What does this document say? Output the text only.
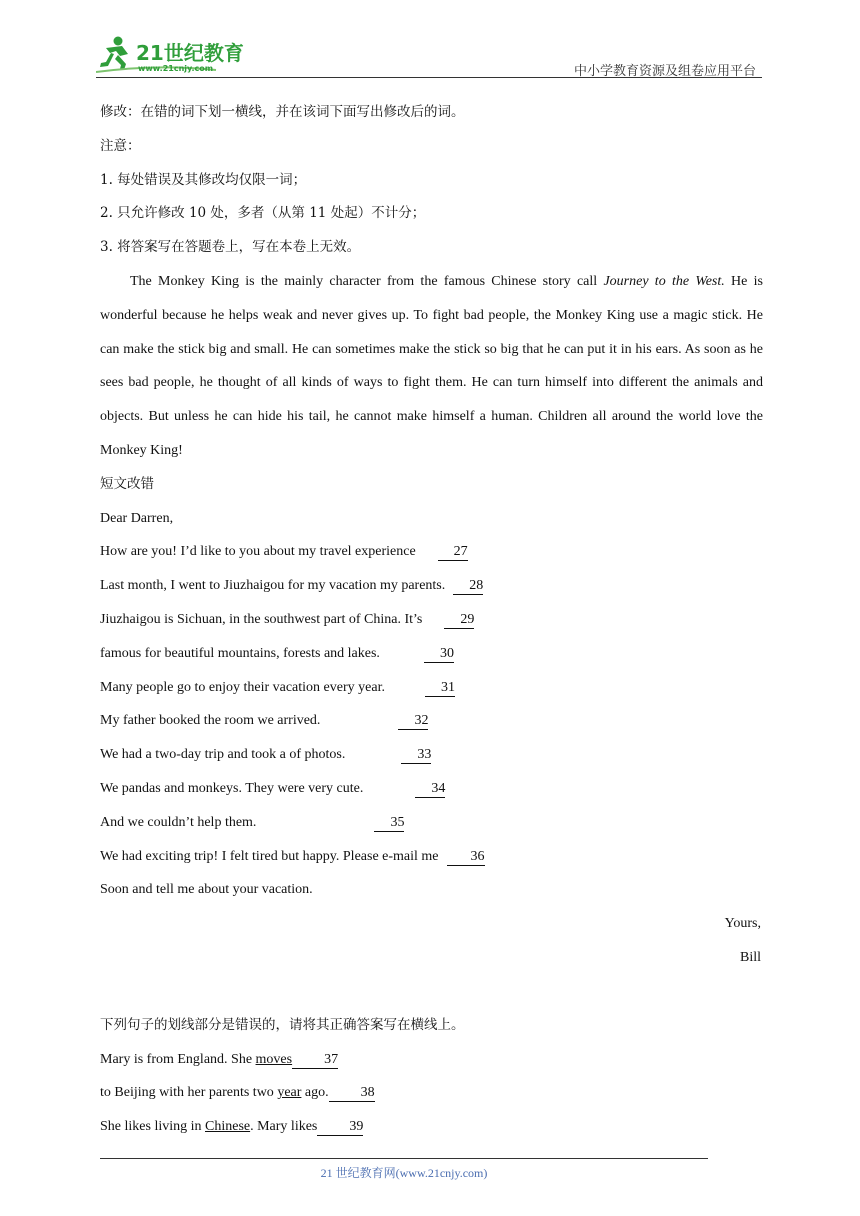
21世纪教育
www.21cnjy.com	中小学教育资源及组卷应用平台
修改：在错的词下划一横线，并在该词下面写出修改后的词。
注意：
1. 每处错误及其修改均仅限一词；
2. 只允许修改 10 处，多者（从第 11 处起）不计分；
3. 将答案写在答题卷上，写在本卷上无效。
The Monkey King is the mainly character from the famous Chinese story call Journey to the West. He is wonderful because he helps weak and never gives up. To fight bad people, the Monkey King use a magic stick. He can make the stick big and small. He can sometimes make the stick so big that he can put it in his ears. As soon as he sees bad people, he thought of all kinds of ways to fight them. He can turn himself into different the animals and objects. But unless he can hide his tail, he cannot make himself a human. Children all around the world love the Monkey King!
短文改错
Dear Darren,
How are you! I’d like to you about my travel experience	27
Last month, I went to Jiuzhaigou for my vacation my parents. 28
Jiuzhaigou is Sichuan, in the southwest part of China. It’s	29
famous for beautiful mountains, forests and lakes.	30
Many people go to enjoy their vacation every year.	31
My father booked the room we arrived.	32
We had a two-day trip and took a of photos.	33
We pandas and monkeys. They were very cute.	34
And we couldn’t help them.	35
We had exciting trip! I felt tired but happy. Please e-mail me 36
Soon and tell me about your vacation.
Yours,
Bill
下列句子的划线部分是错误的，请将其正确答案写在横线上。
Mary is from England. She moves 37
to Beijing with her parents two year ago. 38
She likes living in Chinese. Mary likes 39
21 世纪教育网(www.21cnjy.com)
